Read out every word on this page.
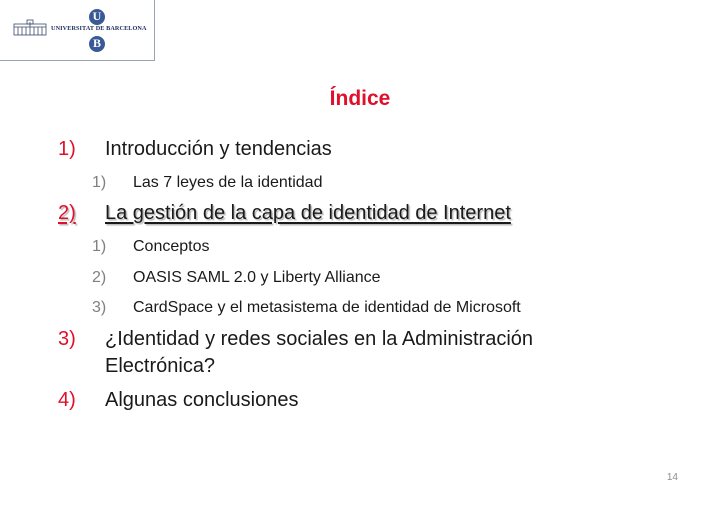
U
B
UNIVERSITAT DE BARCELONA
Índice
1) Introducción y tendencias
1) Las 7 leyes de la identidad
2) La gestión de la capa de identidad de Internet
1) Conceptos
2) OASIS SAML 2.0 y Liberty Alliance
3) CardSpace y el metasistema de identidad de Microsoft
3) ¿Identidad y redes sociales en la Administración
Electrónica?
4) Algunas conclusiones
14
